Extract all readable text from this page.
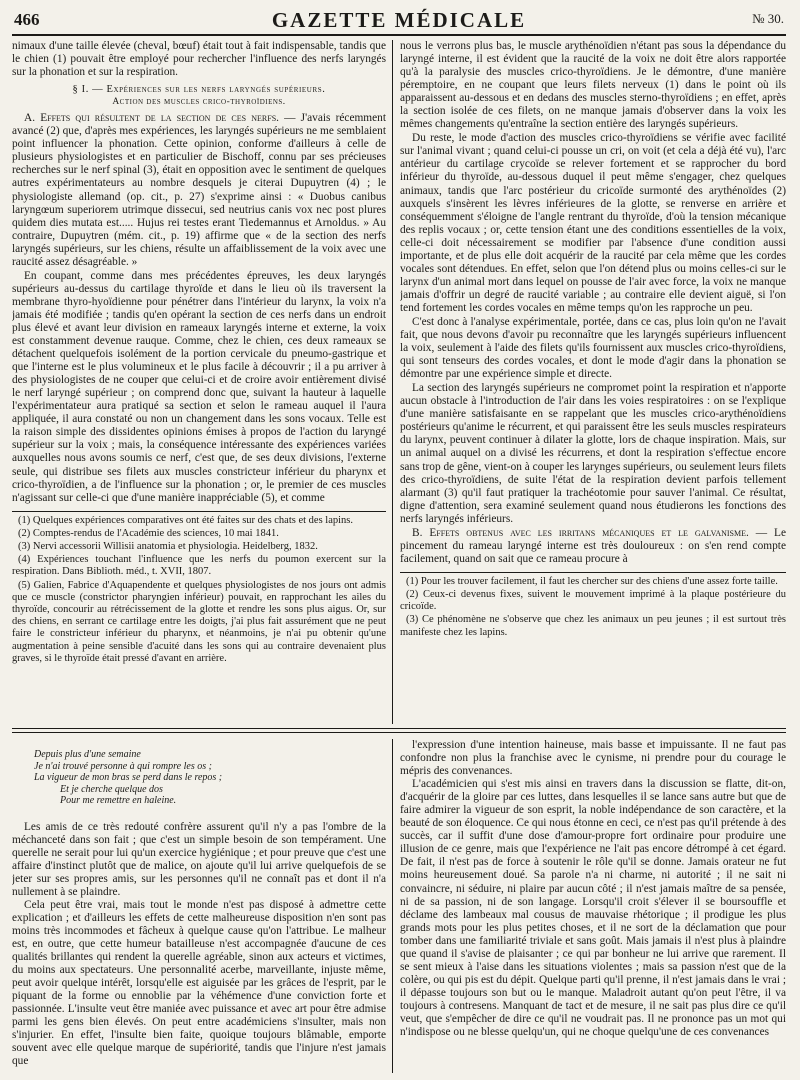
466	GAZETTE MÉDICALE	№ 30.

nimaux d'une taille élevée (cheval, bœuf) était tout à fait indispensable, tandis que le chien (1) pouvait être employé pour rechercher l'influence des nerfs laryngés sur la phonation et sur la respiration.

§ I. — Expériences sur les nerfs laryngés supérieurs.
Action des muscles crico-thyroïdiens.

A. Effets qui résultent de la section de ces nerfs. — J'avais récemment avancé (2) que, d'après mes expériences, les laryngés supérieurs ne me semblaient point influencer la phonation. Cette opinion, conforme d'ailleurs à celle de plusieurs physiologistes et en particulier de Bischoff, connu par ses précieuses recherches sur le nerf spinal (3), était en opposition avec le sentiment de quelques autres expérimentateurs au nombre desquels je citerai Dupuytren (4) ; le physiologiste allemand (op. cit., p. 27) s'exprime ainsi : « Duobus canibus laryngœum superiorem utrimque dissecui, sed neutrius canis vox nec post plures quidem dies mutata est..... Hujus rei testes erant Tiedemannus et Arnoldus. » Au contraire, Dupuytren (mém. cit., p. 19) affirme que « de la section des nerfs laryngés supérieurs, sur les chiens, résulte un affaiblissement de la voix avec une raucité assez désagréable. »

En coupant, comme dans mes précédentes épreuves, les deux laryngés supérieurs au-dessus du cartilage thyroïde et dans le lieu où ils traversent la membrane thyro-hyoïdienne pour pénétrer dans l'intérieur du larynx, la voix n'a jamais été modifiée ; tandis qu'en opérant la section de ces nerfs dans un endroit plus élevé et avant leur division en rameaux laryngés interne et externe, la voix est constamment devenue rauque. Comme, chez le chien, ces deux rameaux se détachent quelquefois isolément de la portion cervicale du pneumo-gastrique et que l'interne est le plus volumineux et le plus facile à découvrir ; il a pu arriver à des physiologistes de ne couper que celui-ci et de croire avoir entièrement divisé le nerf laryngé supérieur ; on comprend donc que, suivant la hauteur à laquelle l'expérimentateur aura pratiqué sa section et selon le rameau auquel il l'aura appliquée, il aura constaté ou non un changement dans les sons vocaux. Telle est la raison simple des dissidentes opinions émises à propos de l'action du laryngé supérieur sur la voix ; mais, la conséquence intéressante des expériences variées auxquelles nous avons soumis ce nerf, c'est que, de ses deux divisions, l'externe seule, qui distribue ses filets aux muscles constricteur inférieur du pharynx et crico-thyroïdien, a de l'influence sur la phonation ; or, le premier de ces muscles n'agissant sur celle-ci que d'une manière inappréciable (5), et comme

(1) Quelques expériences comparatives ont été faites sur des chats et des lapins.
(2) Comptes-rendus de l'Académie des sciences, 10 mai 1841.
(3) Nervi accessorii Willisii anatomia et physiologia. Heidelberg, 1832.
(4) Expériences touchant l'influence que les nerfs du poumon exercent sur la respiration. Dans Biblioth. méd., t. XVII, 1807.
(5) Galien, Fabrice d'Aquapendente et quelques physiologistes de nos jours ont admis que ce muscle (constrictor pharyngien inférieur) pouvait, en rapprochant les ailes du thyroïde, concourir au rétrécissement de la glotte et rendre les sons plus aigus. Or, sur des chiens, en serrant ce cartilage entre les doigts, j'ai plus fait assurément que ne peut faire le constricteur inférieur du pharynx, et néanmoins, je n'ai pu obtenir qu'une augmentation à peine sensible d'acuité dans les sons qui au contraire devenaient plus graves, si le thyroïde était pressé d'avant en arrière.

nous le verrons plus bas, le muscle arythénoïdien n'étant pas sous la dépendance du laryngé interne, il est évident que la raucité de la voix ne doit être alors rapportée qu'à la paralysie des muscles crico-thyroïdiens. Je le démontre, d'une manière péremptoire, en ne coupant que leurs filets nerveux (1) dans le point où ils apparaissent au-dessous et en dedans des muscles sterno-thyroïdiens ; en effet, après la section isolée de ces filets, on ne manque jamais d'observer dans la voix les mêmes changements qu'entraîne la section entière des laryngés supérieurs.

Du reste, le mode d'action des muscles crico-thyroïdiens se vérifie avec facilité sur l'animal vivant ; quand celui-ci pousse un cri, on voit (et cela a déjà été vu), l'arc antérieur du cartilage crycoïde se relever fortement et se rapprocher du bord inférieur du thyroïde, au-dessous duquel il peut même s'engager, chez quelques animaux, tandis que l'arc postérieur du cricoïde surmonté des arythénoïdes (2) auxquels s'insèrent les lèvres inférieures de la glotte, se renverse en arrière et conséquemment s'éloigne de l'angle rentrant du thyroïde, d'où la tension mécanique des replis vocaux ; or, cette tension étant une des conditions essentielles de la voix, celle-ci doit nécessairement se modifier par l'absence d'une condition aussi importante, et de plus elle doit acquérir de la raucité par cela même que les cordes vocales sont détendues. En effet, selon que l'on détend plus ou moins celles-ci sur le larynx d'un animal mort dans lequel on pousse de l'air avec force, la voix ne manque jamais d'offrir un degré de raucité variable ; au contraire elle devient aiguë, si l'on tend fortement les cordes vocales en même temps qu'on les rapproche un peu.

C'est donc à l'analyse expérimentale, portée, dans ce cas, plus loin qu'on ne l'avait fait, que nous devons d'avoir pu reconnaître que les laryngés supérieurs influencent la voix, seulement à l'aide des filets qu'ils fournissent aux muscles crico-thyroïdiens, qui sont tenseurs des cordes vocales, et dont le mode d'agir dans la phonation se démontre par une expérience simple et directe.

La section des laryngés supérieurs ne compromet point la respiration et n'apporte aucun obstacle à l'introduction de l'air dans les voies respiratoires : on se l'explique d'une manière satisfaisante en se rappelant que les muscles crico-arythénoïdiens postérieurs qu'anime le récurrent, et qui paraissent être les seuls muscles respirateurs du larynx, peuvent continuer à dilater la glotte, lors de chaque inspiration. Mais, sur un animal auquel on a divisé les récurrens, et dont la respiration s'effectue encore sans trop de gêne, vient-on à couper les larynges supérieurs, ou seulement leurs filets des crico-thyroïdiens, de suite l'état de la respiration devient parfois tellement alarmant (3) qu'il faut pratiquer la trachéotomie pour sauver l'animal. Ce résultat, digne d'attention, sera examiné seulement quand nous étudierons les fonctions des nerfs laryngés inférieurs.

B. Effets obtenus avec les irritans mécaniques et le galvanisme. — Le pincement du rameau laryngé interne est très douloureux : on s'en rend compte facilement, quand on sait que ce rameau procure à

(1) Pour les trouver facilement, il faut les chercher sur des chiens d'une assez forte taille.
(2) Ceux-ci devenus fixes, suivent le mouvement imprimé à la plaque postérieure du cricoïde.
(3) Ce phénomène ne s'observe que chez les animaux un peu jeunes ; il est surtout très manifeste chez les lapins.
Depuis plus d'une semaine
Je n'ai trouvé personne à qui rompre les os ;
La vigueur de mon bras se perd dans le repos ;
Et je cherche quelque dos
Pour me remettre en haleine.

Les amis de ce très redouté confrère assurent qu'il n'y a pas l'ombre de la méchanceté dans son fait ; que c'est un simple besoin de son tempérament. Une querelle ne serait pour lui qu'un exercice hygiénique ; et pour preuve que c'est une affaire d'instinct plutôt que de malice, on ajoute qu'il lui arrive quelquefois de se jeter sur ses propres amis, sur les personnes qu'il ne connaît pas et dont il n'a nullement à se plaindre.

Cela peut être vrai, mais tout le monde n'est pas disposé à admettre cette explication ; et d'ailleurs les effets de cette malheureuse disposition n'en sont pas moins très incommodes et fâcheux à quelque cause qu'on l'attribue. Le malheur est, en outre, que cette humeur batailleuse n'est accompagnée d'aucune de ces qualités brillantes qui rendent la querelle agréable, sinon aux acteurs et victimes, du moins aux spectateurs. Une personnalité acerbe, marveillante, injuste même, peut avoir quelque intérêt, lorsqu'elle est aiguisée par les grâces de l'esprit, par le piquant de la forme ou ennoblie par la véhémence d'une conviction forte et passionnée. L'insulte veut être maniée avec puissance et avec art pour être admise parmi les gens bien élevés. On peut entre académiciens s'insulter, mais non s'injurier. En effet, l'insulte bien faite, quoique toujours blâmable, emporte souvent avec elle quelque marque de supériorité, tandis que l'injure n'est jamais que

l'expression d'une intention haineuse, mais basse et impuissante. Il ne faut pas confondre non plus la franchise avec le cynisme, ni prendre pour du courage le mépris des convenances.

L'académicien qui s'est mis ainsi en travers dans la discussion se flatte, dit-on, d'acquérir de la gloire par ces luttes, dans lesquelles il se lance sans autre but que de faire admirer la vigueur de son esprit, la noble indépendance de son caractère, et la beauté de son éloquence. Ce qui nous étonne en ceci, ce n'est pas qu'il prétende à des succès, car il suffit d'une dose d'amour-propre fort ordinaire pour produire une illusion de ce genre, mais que l'expérience ne l'ait pas encore détrompé à cet égard. De fait, il n'est pas de force à soutenir le rôle qu'il se donne. Jamais orateur ne fut moins heureusement doué. Sa parole n'a ni charme, ni autorité ; il ne sait ni convaincre, ni séduire, ni plaire par aucun côté ; il n'est jamais maître de sa pensée, ni de sa passion, ni de son langage. Lorsqu'il croit s'élever il se boursouffle et déclame des lambeaux mal cousus de mauvaise rhétorique ; il prodigue les plus grands mots pour les plus petites choses, et il ne sort de la déclamation que pour tomber dans une familiarité triviale et sans goût. Mais jamais il n'est plus à plaindre que quand il s'avise de plaisanter ; ce qui par bonheur ne lui arrive que rarement. Il se sent mieux à l'aise dans les situations violentes ; mais sa passion n'est que de la colère, ou qui pis est du dépit. Quelque parti qu'il prenne, il n'est jamais dans le vrai ; il dépasse toujours son but ou le manque. Maladroit autant qu'on peut l'être, il va toujours à contresens. Manquant de tact et de mesure, il ne sait pas plus dire ce qu'il veut, que s'empêcher de dire ce qu'il ne voudrait pas. Il ne prononce pas un mot qui n'indispose ou ne blesse quelqu'un, qui ne choque quelqu'une de ces convenances
